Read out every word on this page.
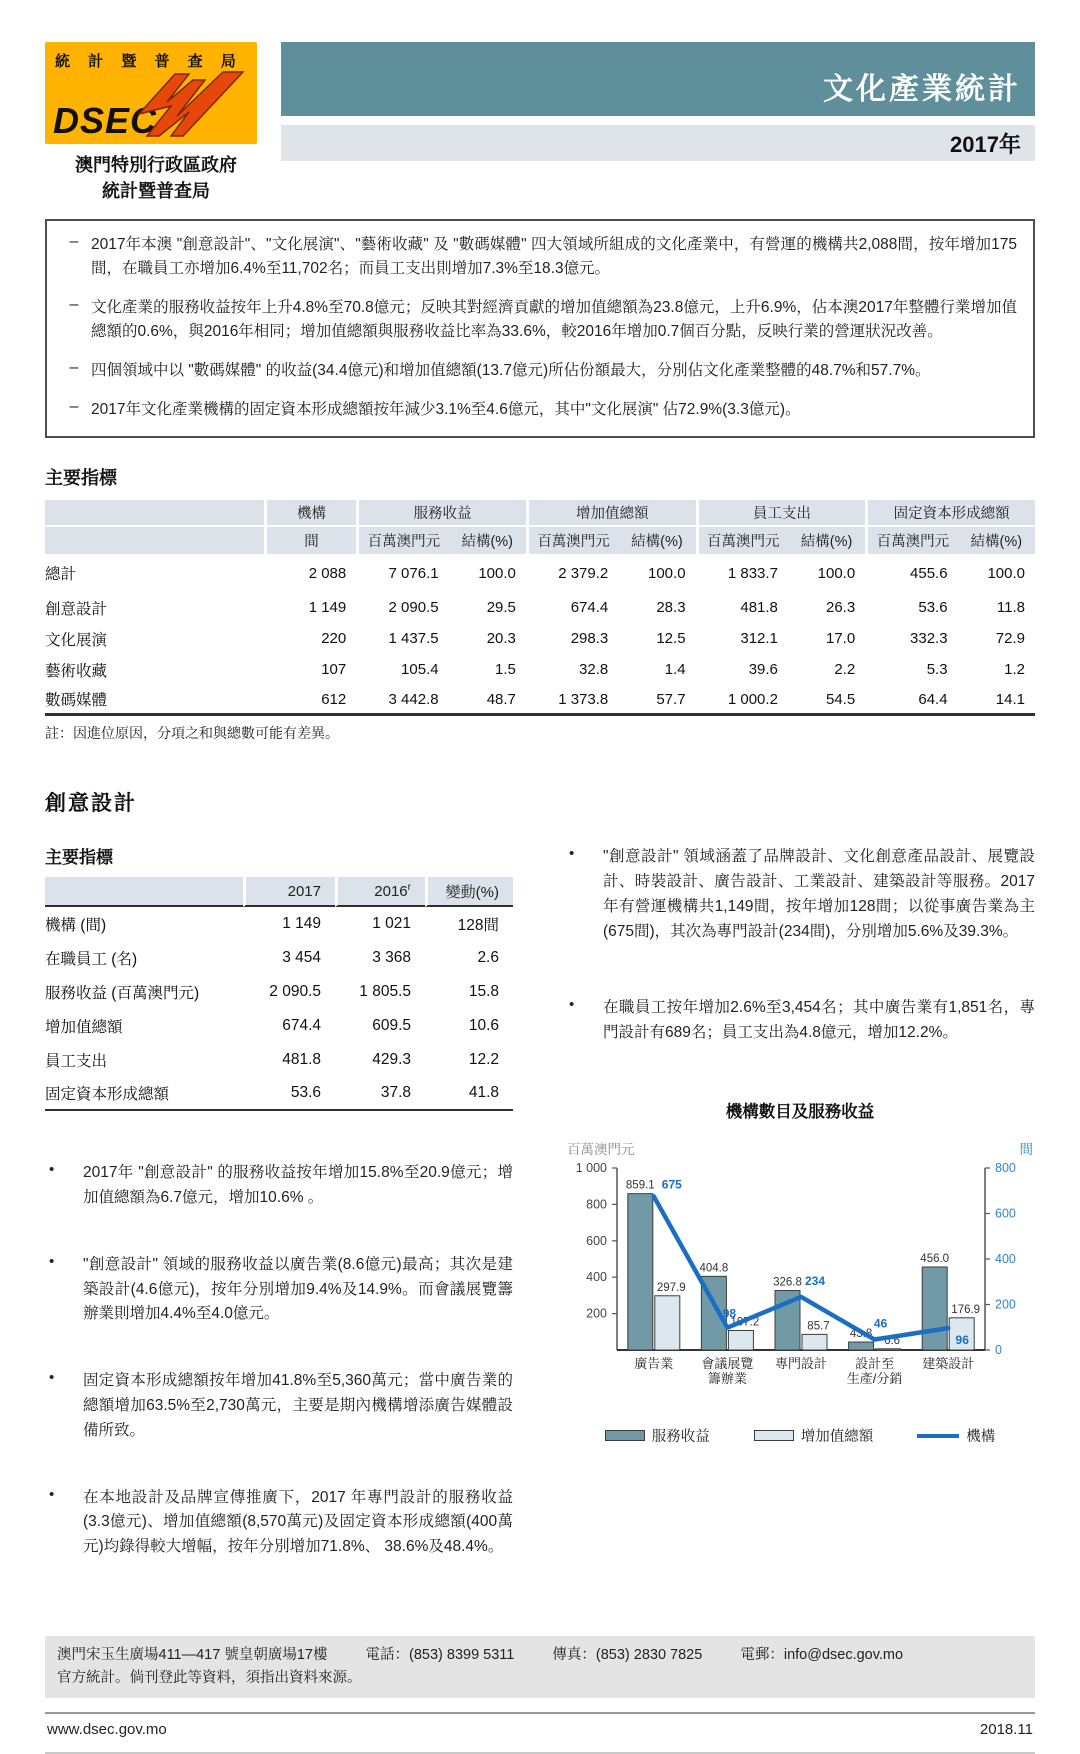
統 計 暨 普 查 局
DSEC
澳門特別行政區政府
統計暨普查局
文化產業統計
2017年
– 2017年本澳 "創意設計"、"文化展演"、"藝術收藏" 及 "數碼媒體" 四大領域所組成的文化產業中，有營運的機構共2,088間，按年增加175間，在職員工亦增加6.4%至11,702名；而員工支出則增加7.3%至18.3億元。
– 文化產業的服務收益按年上升4.8%至70.8億元；反映其對經濟貢獻的增加值總額為23.8億元，上升6.9%，佔本澳2017年整體行業增加值總額的0.6%，與2016年相同；增加值總額與服務收益比率為33.6%，較2016年增加0.7個百分點，反映行業的營運狀況改善。
– 四個領域中以 "數碼媒體" 的收益(34.4億元)和增加值總額(13.7億元)所佔份額最大，分別佔文化產業整體的48.7%和57.7%。
– 2017年文化產業機構的固定資本形成總額按年減少3.1%至4.6億元，其中"文化展演" 佔72.9%(3.3億元)。
主要指標
	機構	服務收益		增加值總額		員工支出		固定資本形成總額	
	間	百萬澳門元	結構(%)	百萬澳門元	結構(%)	百萬澳門元	結構(%)	百萬澳門元	結構(%)
總計	2 088	7 076.1	100.0	2 379.2	100.0	1 833.7	100.0	455.6	100.0
創意設計	1 149	2 090.5	29.5	674.4	28.3	481.8	26.3	53.6	11.8
文化展演	220	1 437.5	20.3	298.3	12.5	312.1	17.0	332.3	72.9
藝術收藏	107	105.4	1.5	32.8	1.4	39.6	2.2	5.3	1.2
數碼媒體	612	3 442.8	48.7	1 373.8	57.7	1 000.2	54.5	64.4	14.1
註：因進位原因，分項之和與總數可能有差異。
創意設計
主要指標
	2017	2016$^r$	變動(%)
機構 (間)	1 149	1 021	128間
在職員工 (名)	3 454	3 368	2.6
服務收益 (百萬澳門元)	2 090.5	1 805.5	15.8
增加值總額	674.4	609.5	10.6
員工支出	481.8	429.3	12.2
固定資本形成總額	53.6	37.8	41.8
•	2017年 "創意設計" 的服務收益按年增加15.8%至20.9億元；增加值總額為6.7億元，增加10.6% 。
•	"創意設計" 領域的服務收益以廣告業(8.6億元)最高；其次是建築設計(4.6億元)，按年分別增加9.4%及14.9%。而會議展覽籌辦業則增加4.4%至4.0億元。
•	固定資本形成總額按年增加41.8%至5,360萬元；當中廣告業的總額增加63.5%至2,730萬元，主要是期內機構增添廣告媒體設備所致。
•	在本地設計及品牌宣傳推廣下，2017 年專門設計的服務收益(3.3億元)、增加值總額(8,570萬元)及固定資本形成總額(400萬元)均錄得較大增幅，按年分別增加71.8%、 38.6%及48.4%。
•	"創意設計" 領域涵蓋了品牌設計、文化創意產品設計、展覽設計、時裝設計、廣告設計、工業設計、建築設計等服務。2017年有營運機構共1,149間，按年增加128間；以從事廣告業為主(675間)，其次為專門設計(234間)，分別增加5.6%及39.3%。
•	在職員工按年增加2.6%至3,454名；其中廣告業有1,851名，專門設計有689名；員工支出為4.8億元，增加12.2%。
機構數目及服務收益
百萬澳門元	間
200
400
600
800
1 000
0
200
400
600
800
859.1
297.9
廣告業
404.8
107.2
會議展覽
籌辦業
326.8
85.7
專門設計
43.8
6.6
設計至
生產/分銷
456.0
176.9
建築設計
675
98
234
46
96
服務收益	增加值總額	機構
澳門宋玉生廣場411—417 號皇朝廣場17樓	電話：(853) 8399 5311	傳真：(853) 2830 7825	電郵：info@dsec.gov.mo
官方統計。倘刊登此等資料，須指出資料來源。
www.dsec.gov.mo	2018.11
